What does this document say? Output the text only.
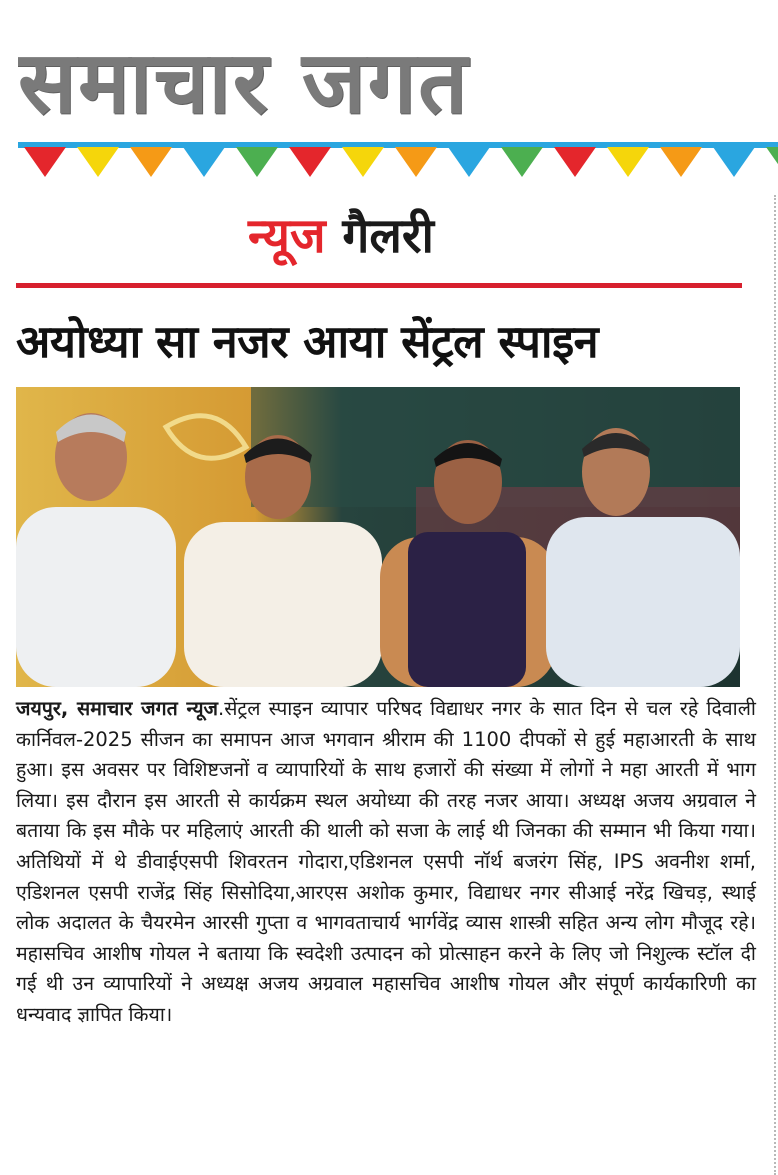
समाचार जगत
न्यूज गैलरी
अयोध्या सा नजर आया सेंट्रल स्पाइन
जयपुर, समाचार जगत न्यूज.सेंट्रल स्पाइन व्यापार परिषद विद्याधर नगर के सात दिन से चल रहे दिवाली कार्निवल-2025 सीजन का समापन आज भगवान श्रीराम की 1100 दीपकों से हुई महाआरती के साथ हुआ। इस अवसर पर विशिष्टजनों व व्यापारियों के साथ हजारों की संख्या में लोगों ने महा आरती में भाग लिया। इस दौरान इस आरती से कार्यक्रम स्थल अयोध्या की तरह नजर आया। अध्यक्ष अजय अग्रवाल ने बताया कि इस मौके पर महिलाएं आरती की थाली को सजा के लाई थी जिनका की सम्मान भी किया गया। अतिथियों में थे डीवाईएसपी शिवरतन गोदारा,एडिशनल एसपी नॉर्थ बजरंग सिंह, IPS अवनीश शर्मा, एडिशनल एसपी राजेंद्र सिंह सिसोदिया,आरएस अशोक कुमार, विद्याधर नगर सीआई नरेंद्र खिचड़, स्थाई लोक अदालत के चैयरमेन आरसी गुप्ता व भागवताचार्य भार्गवेंद्र व्यास शास्त्री सहित अन्य लोग मौजूद रहे। महासचिव आशीष गोयल ने बताया कि स्वदेशी उत्पादन को प्रोत्साहन करने के लिए जो निशुल्क स्टॉल दी गई थी उन व्यापारियों ने अध्यक्ष अजय अग्रवाल महासचिव आशीष गोयल और संपूर्ण कार्यकारिणी का धन्यवाद ज्ञापित किया।
